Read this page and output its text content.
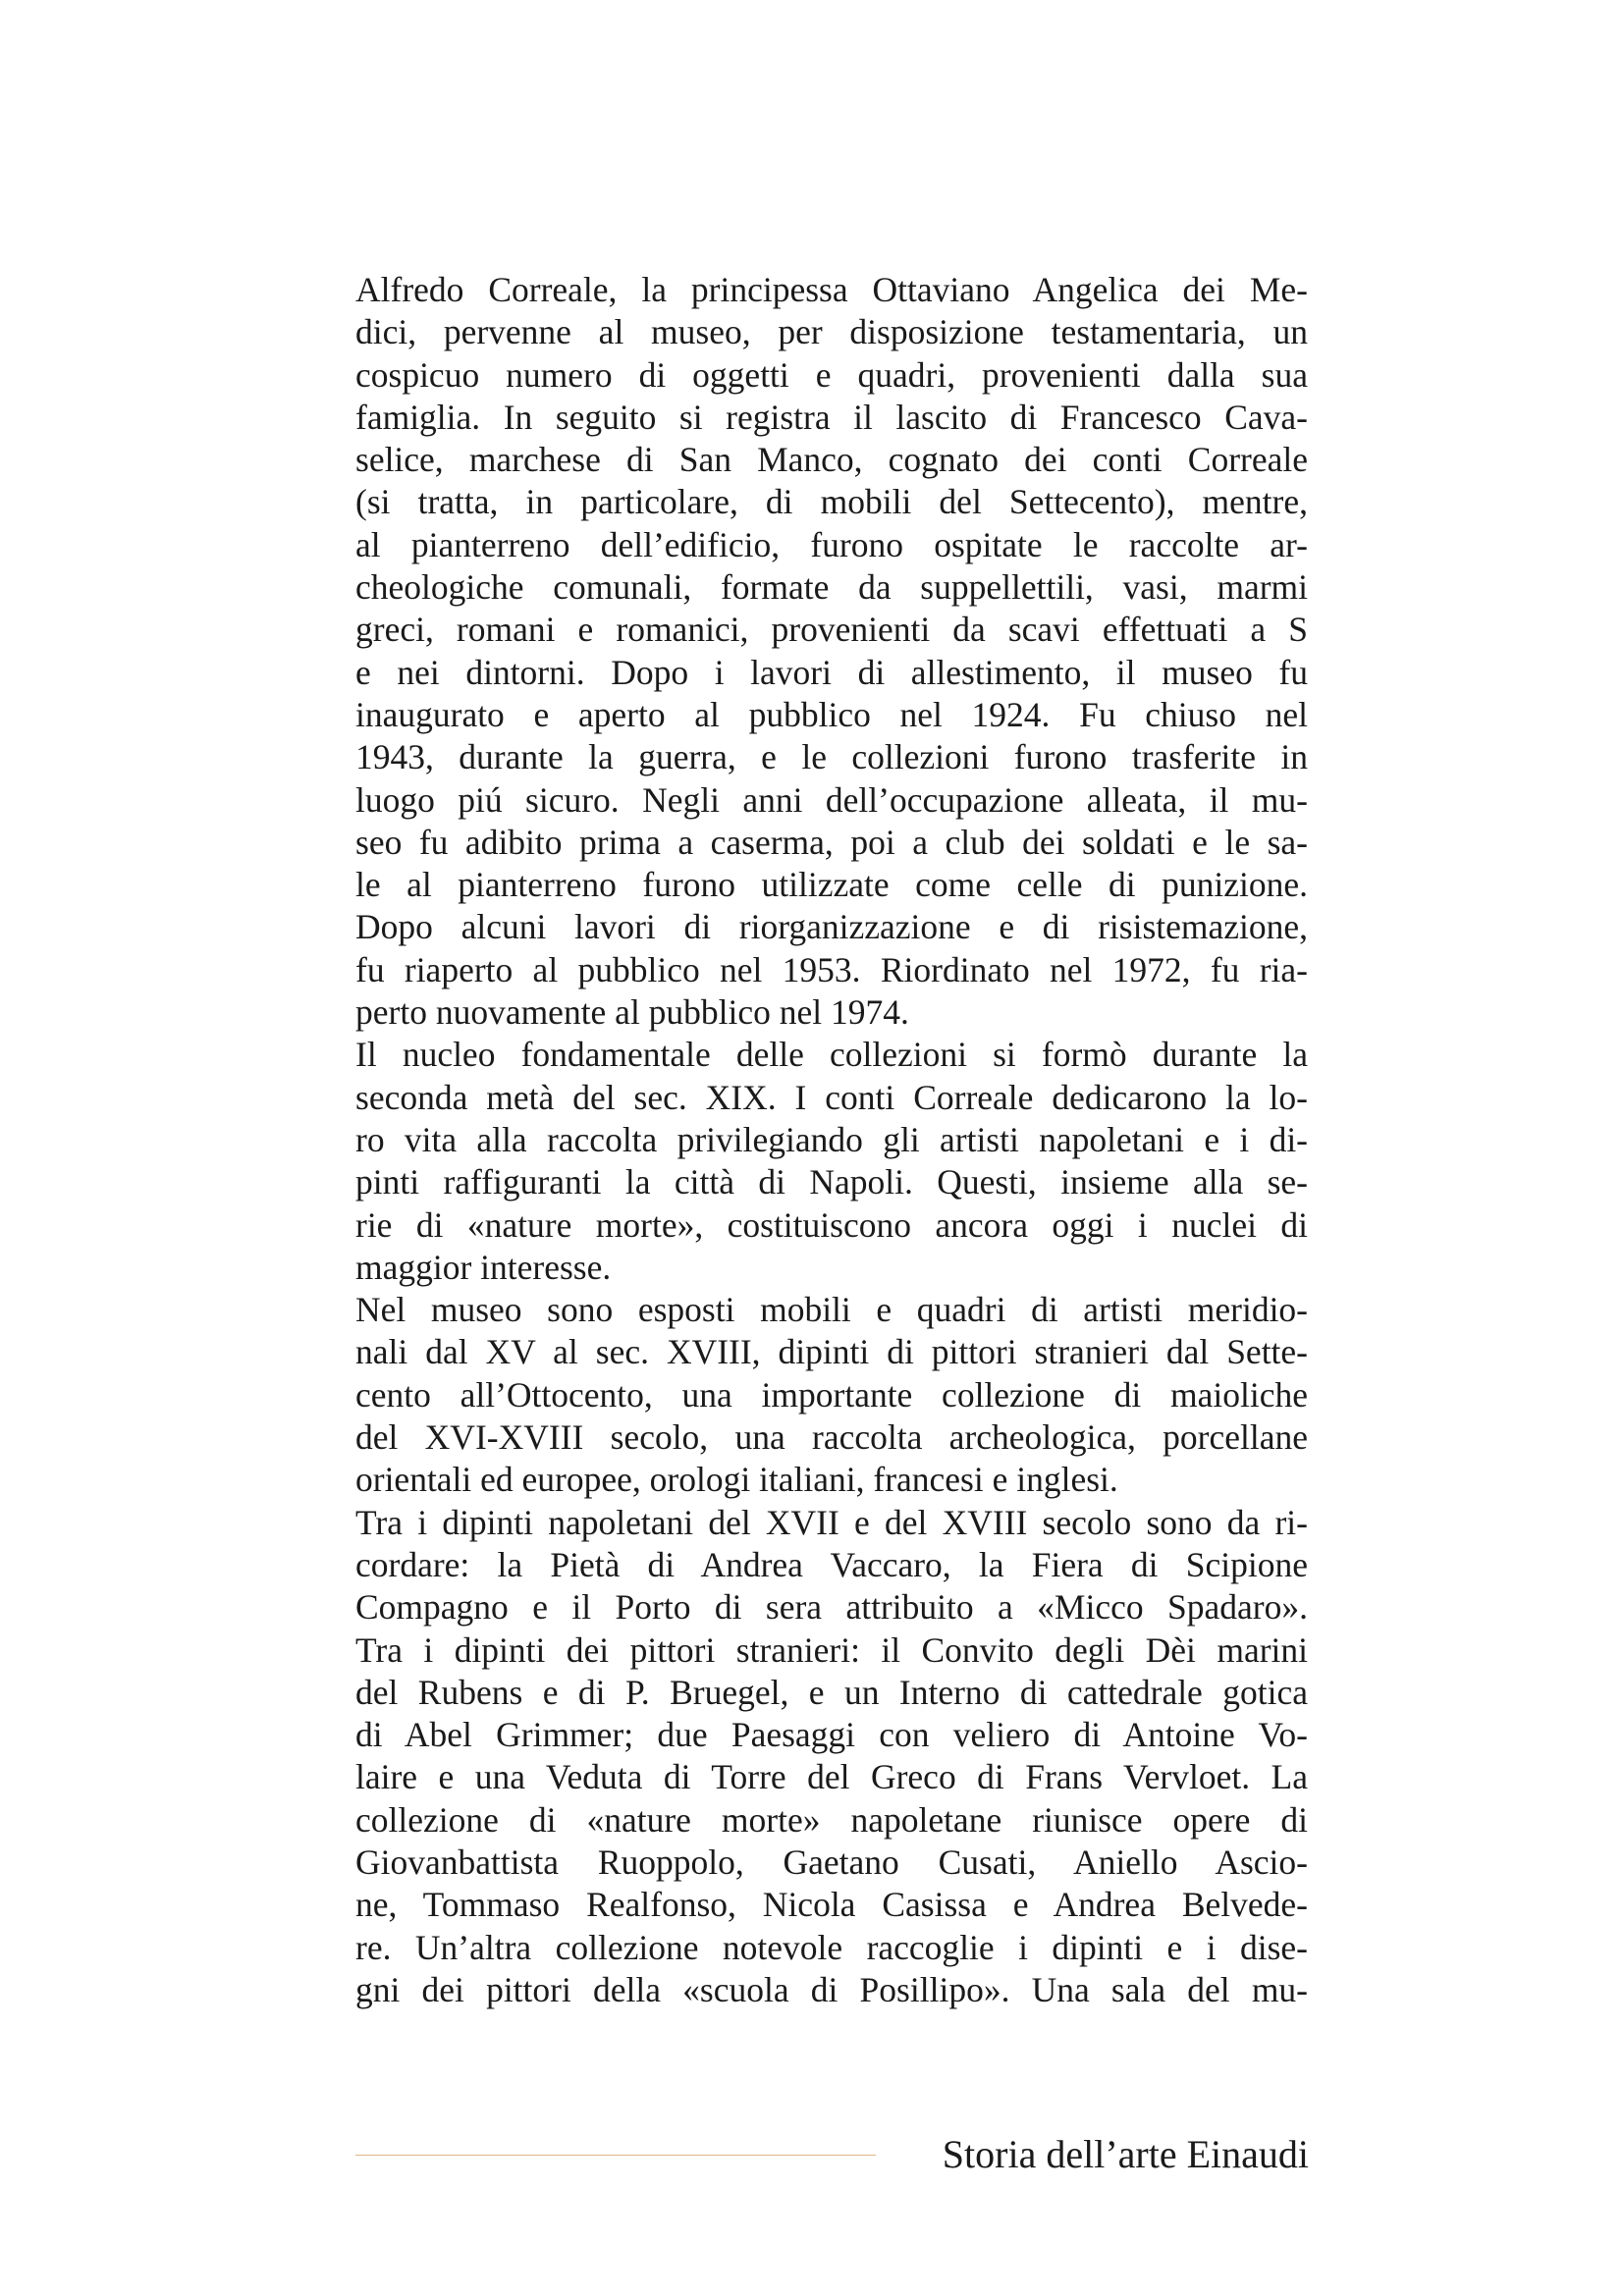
Alfredo Correale, la principessa Ottaviano Angelica dei Me-
dici, pervenne al museo, per disposizione testamentaria, un
cospicuo numero di oggetti e quadri, provenienti dalla sua
famiglia. In seguito si registra il lascito di Francesco Cava-
selice, marchese di San Manco, cognato dei conti Correale
(si tratta, in particolare, di mobili del Settecento), mentre,
al pianterreno dell’edificio, furono ospitate le raccolte ar-
cheologiche comunali, formate da suppellettili, vasi, marmi
greci, romani e romanici, provenienti da scavi effettuati a S
e nei dintorni. Dopo i lavori di allestimento, il museo fu
inaugurato e aperto al pubblico nel 1924. Fu chiuso nel
1943, durante la guerra, e le collezioni furono trasferite in
luogo piú sicuro. Negli anni dell’occupazione alleata, il mu-
seo fu adibito prima a caserma, poi a club dei soldati e le sa-
le al pianterreno furono utilizzate come celle di punizione.
Dopo alcuni lavori di riorganizzazione e di risistemazione,
fu riaperto al pubblico nel 1953. Riordinato nel 1972, fu ria-
perto nuovamente al pubblico nel 1974.
Il nucleo fondamentale delle collezioni si formò durante la
seconda metà del sec. XIX. I conti Correale dedicarono la lo-
ro vita alla raccolta privilegiando gli artisti napoletani e i di-
pinti raffiguranti la città di Napoli. Questi, insieme alla se-
rie di «nature morte», costituiscono ancora oggi i nuclei di
maggior interesse.
Nel museo sono esposti mobili e quadri di artisti meridio-
nali dal XV al sec. XVIII, dipinti di pittori stranieri dal Sette-
cento all’Ottocento, una importante collezione di maioliche
del XVI-XVIII secolo, una raccolta archeologica, porcellane
orientali ed europee, orologi italiani, francesi e inglesi.
Tra i dipinti napoletani del XVII e del XVIII secolo sono da ri-
cordare: la Pietà di Andrea Vaccaro, la Fiera di Scipione
Compagno e il Porto di sera attribuito a «Micco Spadaro».
Tra i dipinti dei pittori stranieri: il Convito degli Dèi marini
del Rubens e di P. Bruegel, e un Interno di cattedrale gotica
di Abel Grimmer; due Paesaggi con veliero di Antoine Vo-
laire e una Veduta di Torre del Greco di Frans Vervloet. La
collezione di «nature morte» napoletane riunisce opere di
Giovanbattista Ruoppolo, Gaetano Cusati, Aniello Ascio-
ne, Tommaso Realfonso, Nicola Casissa e Andrea Belvede-
re. Un’altra collezione notevole raccoglie i dipinti e i dise-
gni dei pittori della «scuola di Posillipo». Una sala del mu-
Storia dell’arte Einaudi
